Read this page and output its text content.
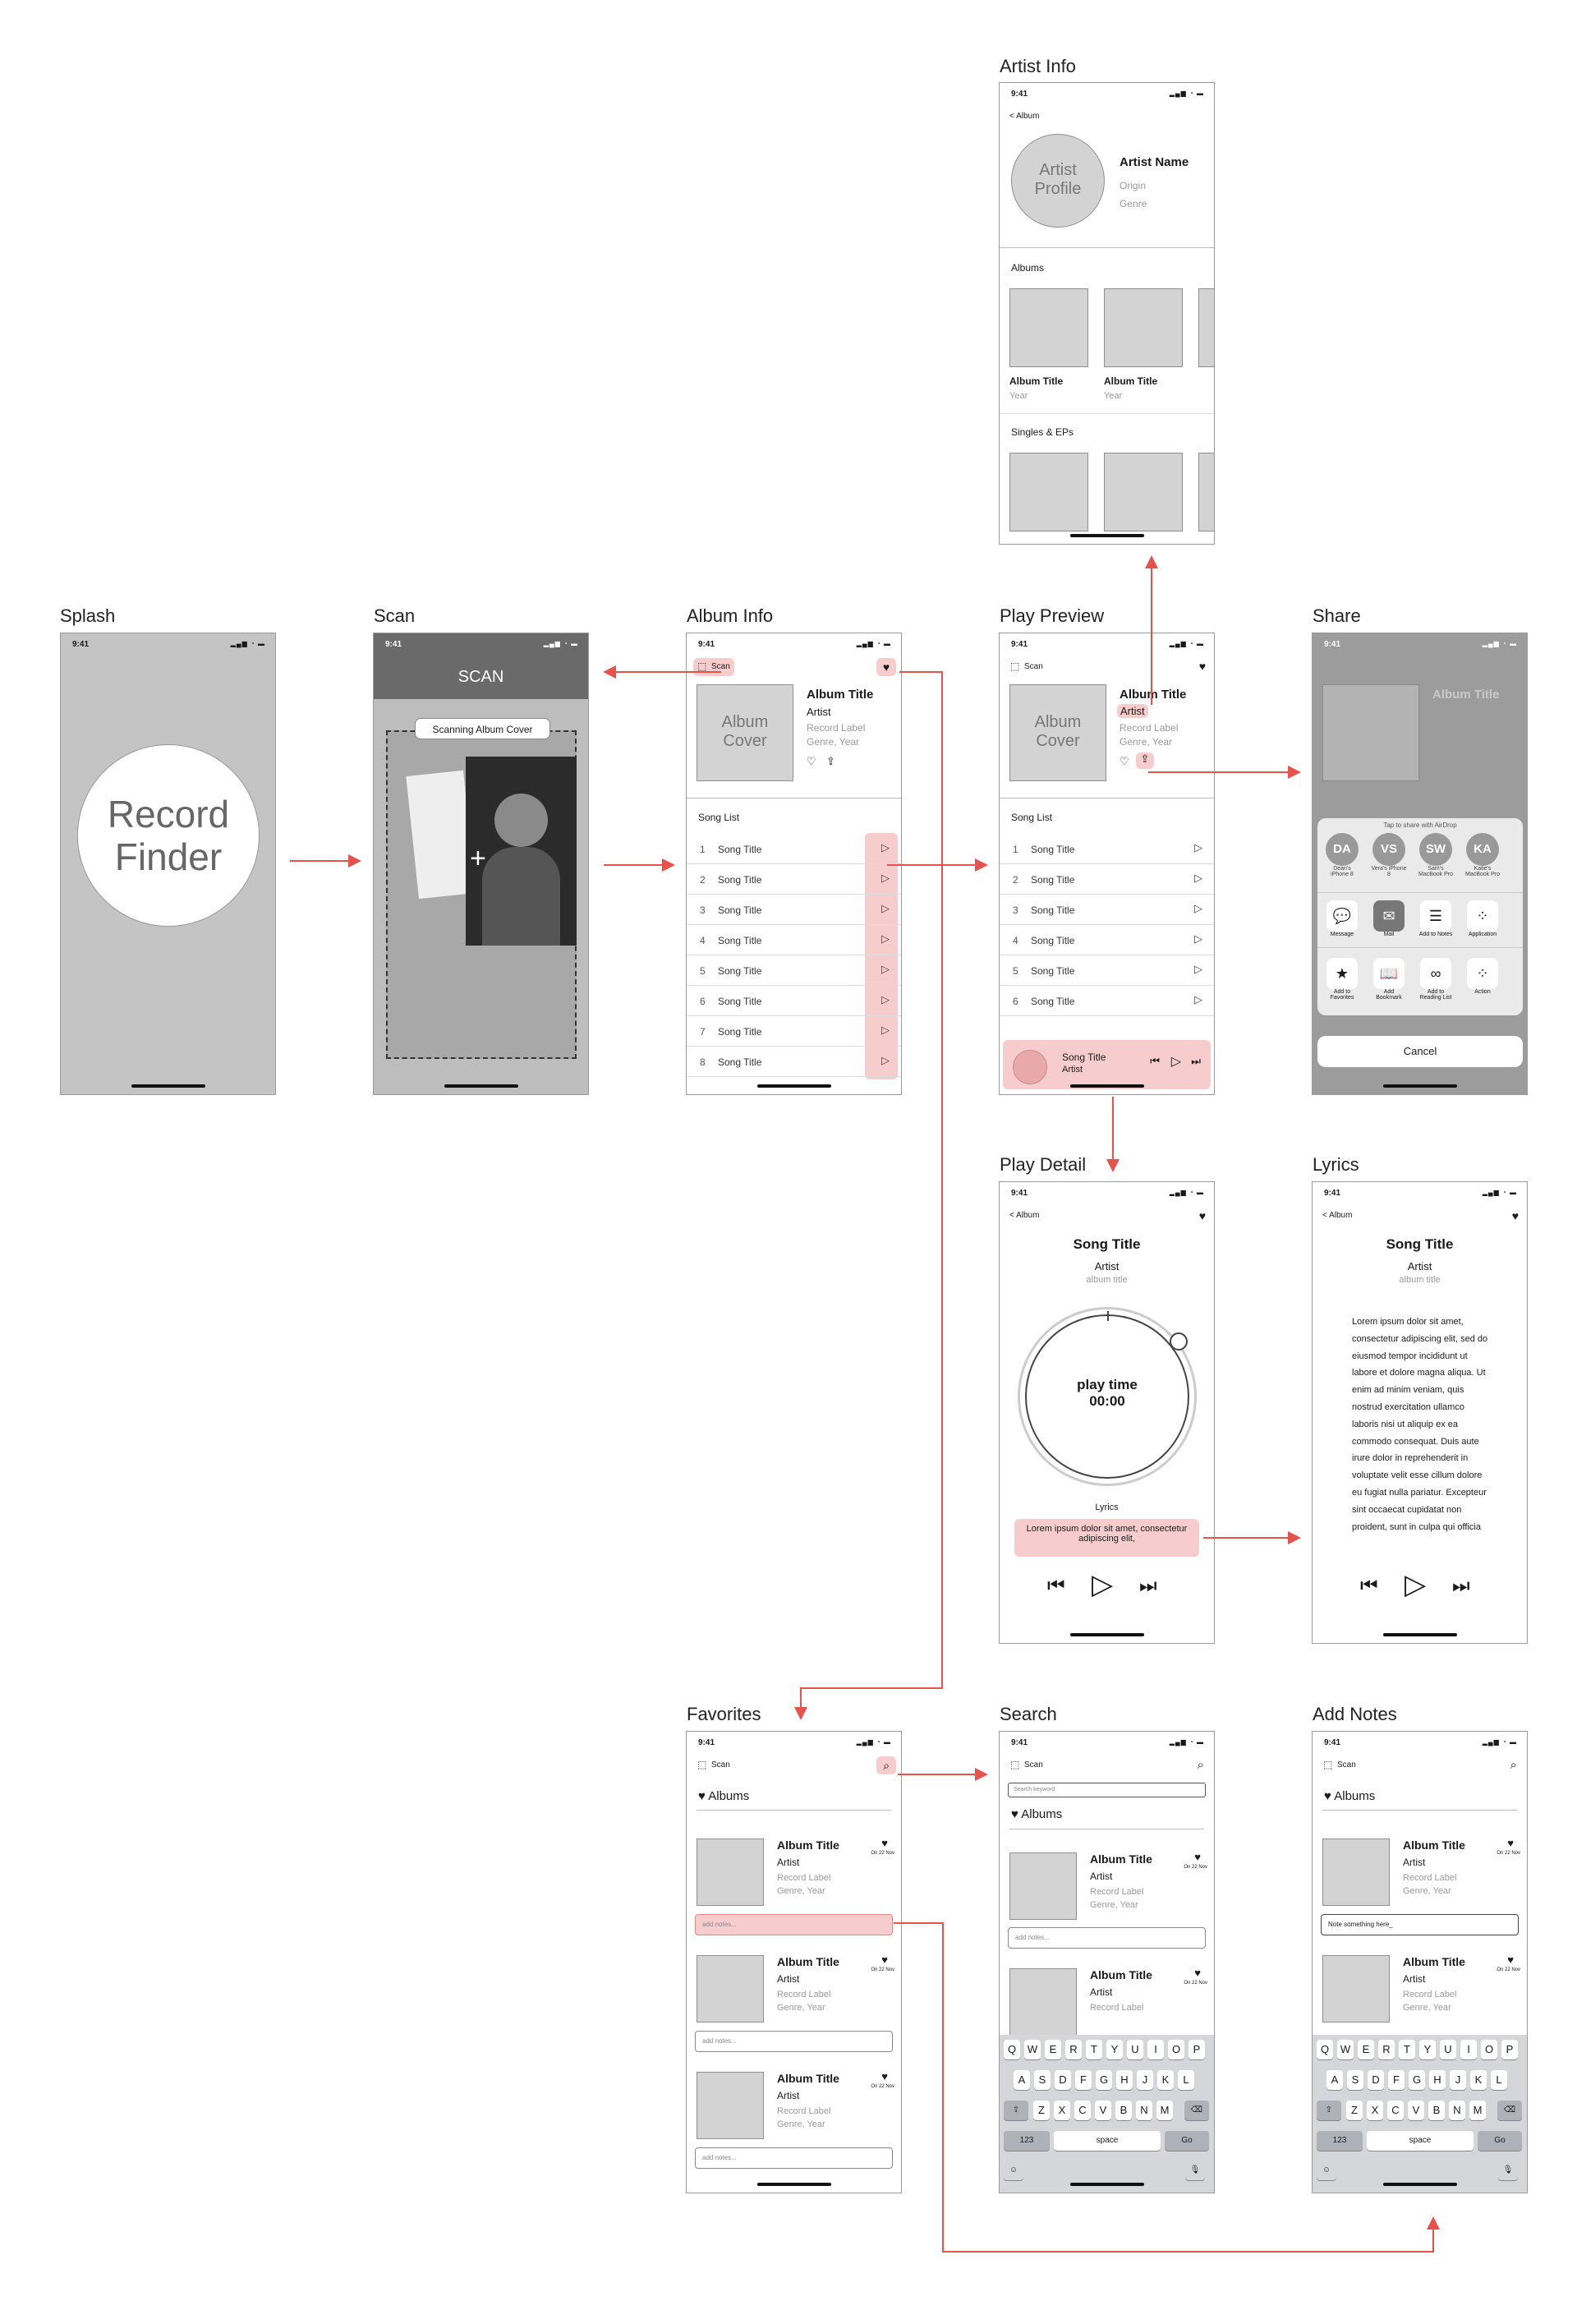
Splash	Scan	Album Info	Play Preview	Share
Artist Info
Play Detail	Lyrics
Favorites	Search	Add Notes
9:41	▂▄▆ ◔ ▬
Record
Finder
9:41	▂▄▆ ◔ ▬
SCAN
+
Scanning Album Cover
9:41	▂▄▆ ◔ ▬
⬚ Scan	♥
Album
Cover
Album Title
Artist
Record Label
Genre, Year
♡ ⇪
Song List
1 Song Title	▷
2 Song Title	▷
3 Song Title	▷
4 Song Title	▷
5 Song Title	▷
6 Song Title	▷
7 Song Title	▷
8 Song Title	▷
9:41	▂▄▆ ◔ ▬
⬚ Scan	♥
Album
Cover
Album Title
Artist
Record Label
Genre, Year
♡	⇪
Song List
1 Song Title	▷
2 Song Title	▷
3 Song Title	▷
4 Song Title	▷
5 Song Title	▷
6 Song Title	▷
Song Title
Artist
⏮ ▷ ⏭
9:41	▂▄▆ ◔ ▬
Album Title
Tap to share with AirDrop
DA
Dean's iPhone 8
VS
Vera's iPhone 8
SW
Sam's MacBook Pro
KA
Katie's MacBook Pro
💬
Message
✉
Mail
☰
Add to Notes
⁘
Application
★
Add to Favorites
📖
Add Bookmark
∞
Add to Reading List
⁘
Action
Cancel
9:41	▂▄▆ ◔ ▬
< Album
Artist
Profile
Artist Name
Origin
Genre
Albums
Album Title
Year
Album Title
Year
Singles & EPs
9:41	▂▄▆ ◔ ▬
< Album	♥
Song Title
Artist
album title
play time
00:00
Lyrics
Lorem ipsum dolor sit amet, consectetur adipiscing elit,
⏮ ▷ ⏭
9:41	▂▄▆ ◔ ▬
< Album	♥
Song Title
Artist
album title
Lorem ipsum dolor sit amet, consectetur adipiscing elit, sed do eiusmod tempor incididunt ut labore et dolore magna aliqua. Ut enim ad minim veniam, quis nostrud exercitation ullamco laboris nisi ut aliquip ex ea commodo consequat. Duis aute irure dolor in reprehenderit in voluptate velit esse cillum dolore eu fugiat nulla pariatur. Excepteur sint occaecat cupidatat non proident, sunt in culpa qui officia
⏮ ▷ ⏭
9:41	▂▄▆ ◔ ▬
⬚ Scan	⌕
♥ Albums
Album Title
Artist
Record Label
Genre, Year
♥
On 22 Nov
add notes...
Album Title
Artist
Record Label
Genre, Year
♥
On 22 Nov
add notes...
Album Title
Artist
Record Label
Genre, Year
♥
On 22 Nov
add notes...
9:41	▂▄▆ ◔ ▬
⬚ Scan	⌕
Search keyword
♥ Albums
Album Title
Artist
Record Label
Genre, Year
♥
On 22 Nov
add notes...
Album Title
Artist
Record Label
♥
On 22 Nov
Q	W	E	R	T	Y	U	I	O	P
A	S	D	F	G	H	J	K	L
Z	X	C	V	B	N	M
⇧	⌫
123	space	Go
☺	🎙
9:41	▂▄▆ ◔ ▬
⬚ Scan	⌕
♥ Albums
Album Title
Artist
Record Label
Genre, Year
♥
On 22 Nov
Note something here_
Album Title
Artist
Record Label
Genre, Year
♥
On 22 Nov
Q	W	E	R	T	Y	U	I	O	P
A	S	D	F	G	H	J	K	L
Z	X	C	V	B	N	M
⇧	⌫
123	space	Go
☺	🎙
